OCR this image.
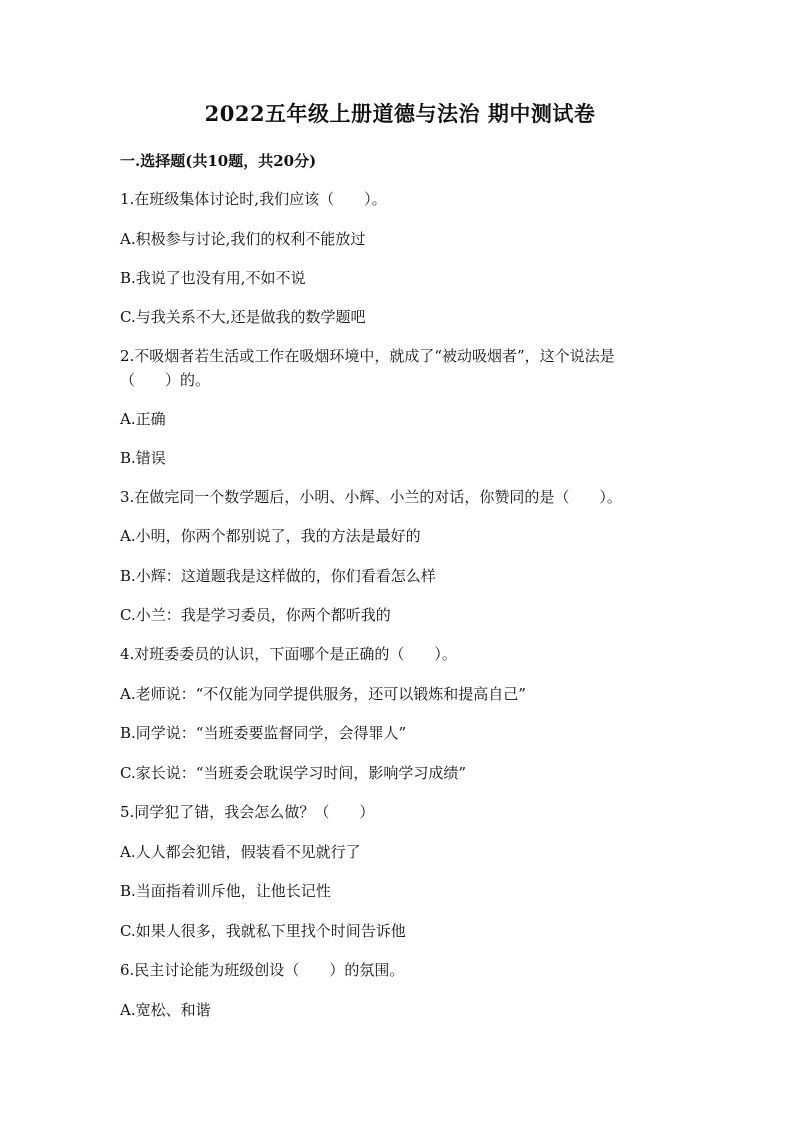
2022五年级上册道德与法治 期中测试卷
一.选择题(共10题，共20分)
1.在班级集体讨论时,我们应该（　　）。
A.积极参与讨论,我们的权利不能放过
B.我说了也没有用,不如不说
C.与我关系不大,还是做我的数学题吧
2.不吸烟者若生活或工作在吸烟环境中，就成了“被动吸烟者”，这个说法是
（　　）的。
A.正确
B.错误
3.在做完同一个数学题后，小明、小辉、小兰的对话，你赞同的是（　　）。
A.小明，你两个都别说了，我的方法是最好的
B.小辉：这道题我是这样做的，你们看看怎么样
C.小兰：我是学习委员，你两个都听我的
4.对班委委员的认识，下面哪个是正确的（　　）。
A.老师说：“不仅能为同学提供服务，还可以锻炼和提高自己”
B.同学说：“当班委要监督同学，会得罪人”
C.家长说：“当班委会耽误学习时间，影响学习成绩”
5.同学犯了错，我会怎么做？（　　）
A.人人都会犯错，假装看不见就行了
B.当面指着训斥他，让他长记性
C.如果人很多，我就私下里找个时间告诉他
6.民主讨论能为班级创设（　　）的氛围。
A.宽松、和谐
